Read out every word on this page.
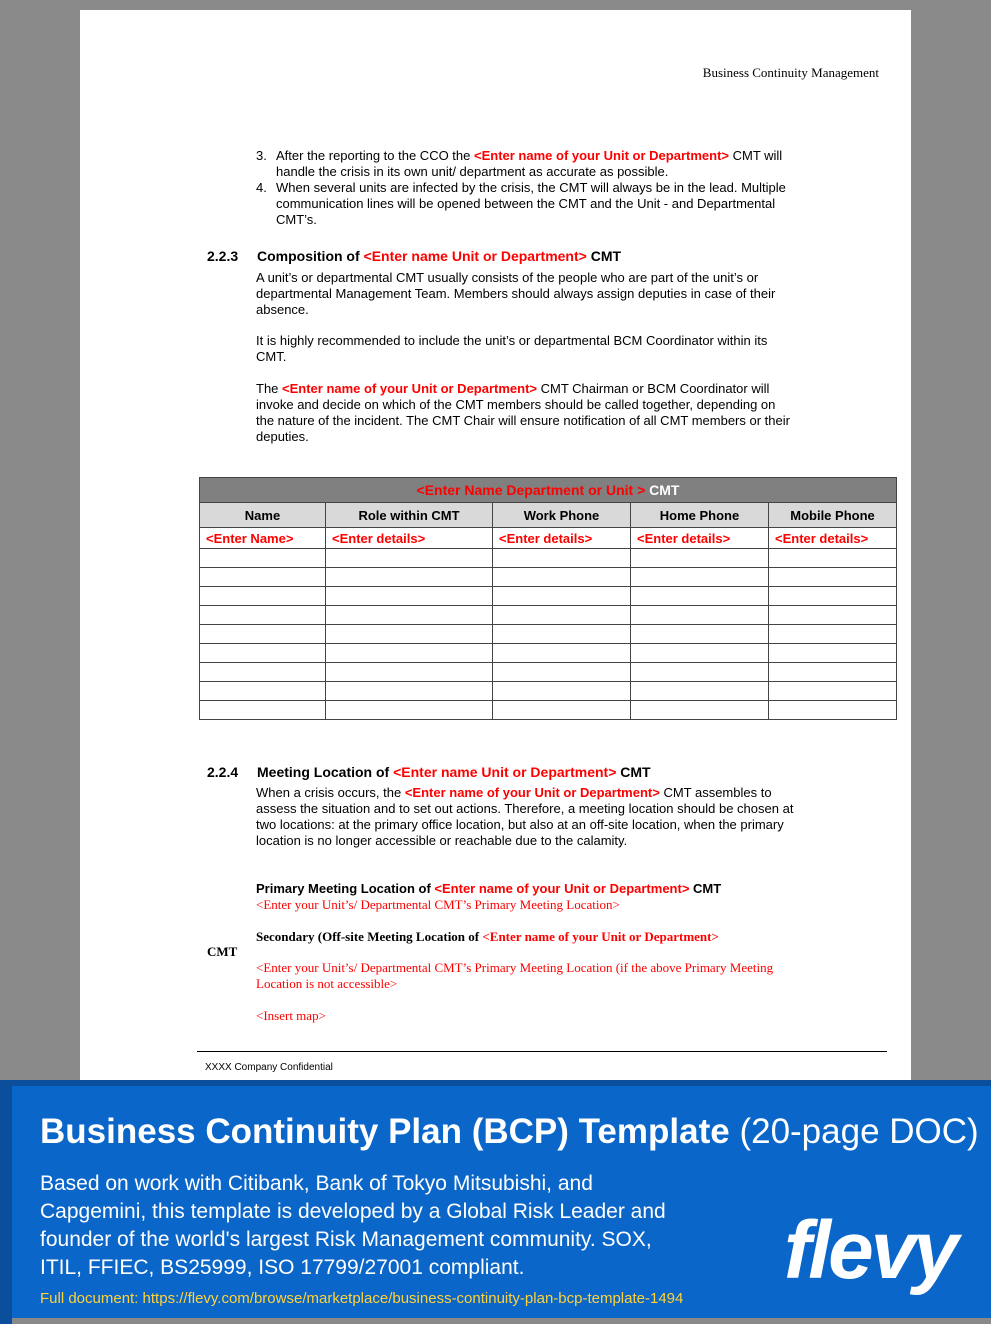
Business Continuity Management
3. After the reporting to the CCO the <Enter name of your Unit or Department> CMT will handle the crisis in its own unit/ department as accurate as possible.
4. When several units are infected by the crisis, the CMT will always be in the lead. Multiple communication lines will be opened between the CMT and the Unit - and Departmental CMT’s.
2.2.3 Composition of <Enter name Unit or Department> CMT
A unit’s or departmental CMT usually consists of the people who are part of the unit’s or departmental Management Team. Members should always assign deputies in case of their absence.
It is highly recommended to include the unit’s or departmental BCM Coordinator within its CMT.
The <Enter name of your Unit or Department> CMT Chairman or BCM Coordinator will invoke and decide on which of the CMT members should be called together, depending on the nature of the incident. The CMT Chair will ensure notification of all CMT members or their deputies.
<Enter Name Department or Unit > CMT				
Name	Role within CMT	Work Phone	Home Phone	Mobile Phone
<Enter Name>	<Enter details>	<Enter details>	<Enter details>	<Enter details>

2.2.4 Meeting Location of <Enter name Unit or Department> CMT
When a crisis occurs, the <Enter name of your Unit or Department> CMT assembles to assess the situation and to set out actions. Therefore, a meeting location should be chosen at two locations: at the primary office location, but also at an off-site location, when the primary location is no longer accessible or reachable due to the calamity.
Primary Meeting Location of <Enter name of your Unit or Department> CMT
<Enter your Unit’s/ Departmental CMT’s Primary Meeting Location>
Secondary (Off-site Meeting Location of <Enter name of your Unit or Department>
CMT
<Enter your Unit’s/ Departmental CMT’s Primary Meeting Location (if the above Primary Meeting Location is not accessible>
<Insert map>
XXXX Company Confidential
Business Continuity Plan (BCP) Template (20-page DOC)
Based on work with Citibank, Bank of Tokyo Mitsubishi, and Capgemini, this template is developed by a Global Risk Leader and founder of the world's largest Risk Management community. SOX, ITIL, FFIEC, BS25999, ISO 17799/27001 compliant.
Full document: https://flevy.com/browse/marketplace/business-continuity-plan-bcp-template-1494
flevy
